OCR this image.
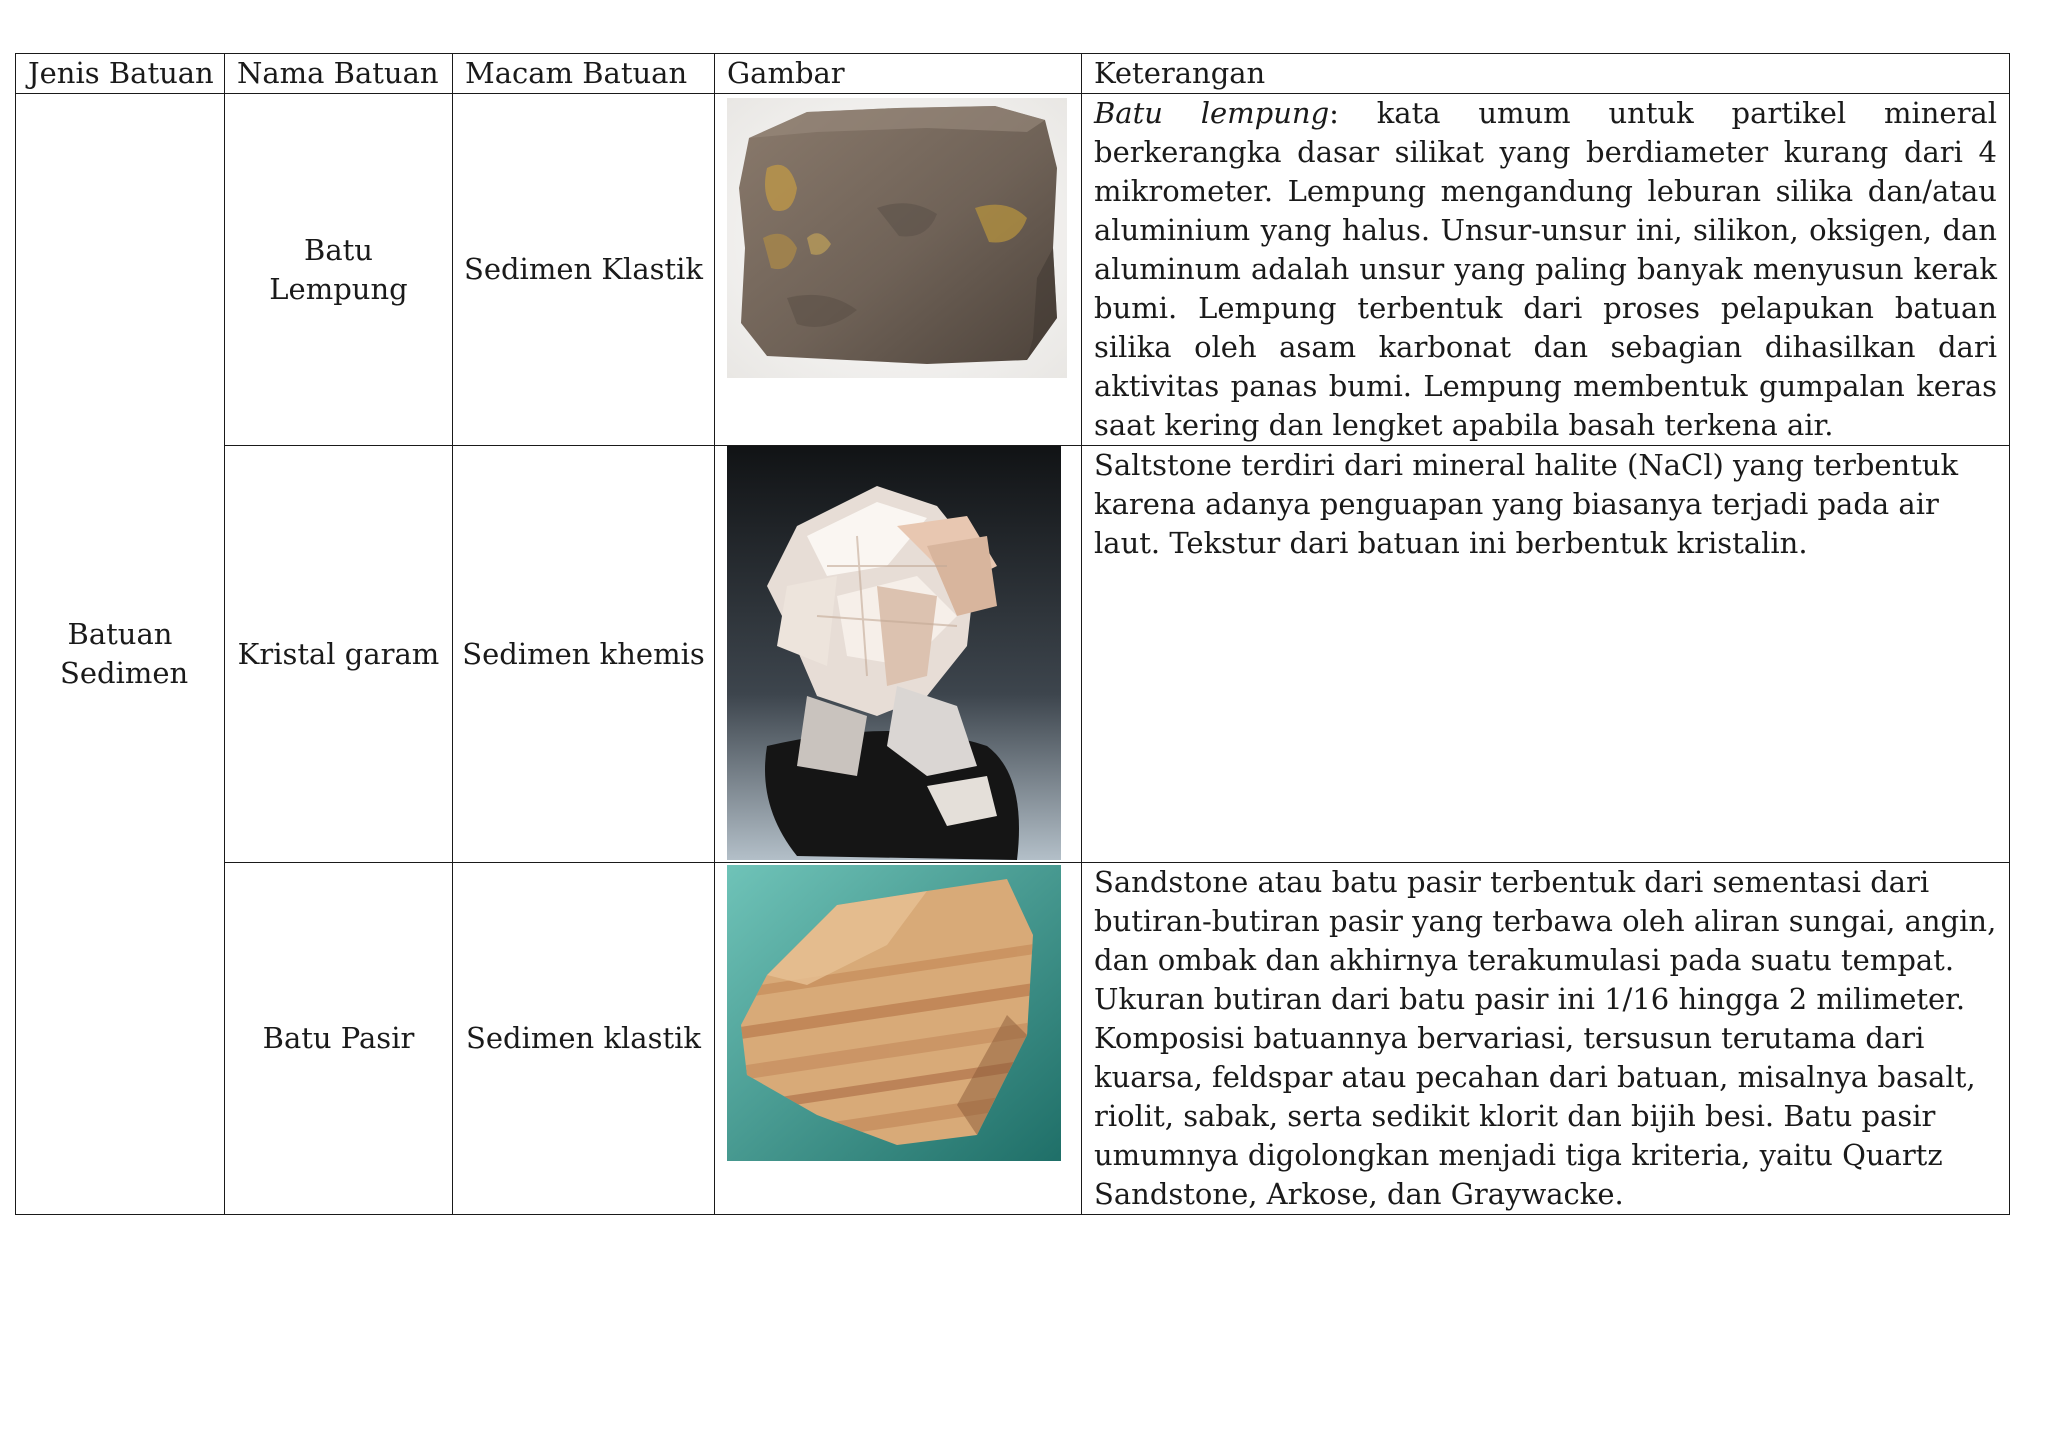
Jenis Batuan	Nama Batuan	Macam Batuan	Gambar	Keterangan

Batuan Sedimen	Batu Lempung	Sedimen Klastik		Batu lempung: kata umum untuk partikel mineral berkerangka dasar silikat yang berdiameter kurang dari 4 mikrometer. Lempung mengandung leburan silika dan/atau aluminium yang halus. Unsur-unsur ini, silikon, oksigen, dan aluminum adalah unsur yang paling banyak menyusun kerak bumi. Lempung terbentuk dari proses pelapukan batuan silika oleh asam karbonat dan sebagian dihasilkan dari aktivitas panas bumi. Lempung membentuk gumpalan keras saat kering dan lengket apabila basah terkena air.
	Kristal garam	Sedimen khemis		Saltstone terdiri dari mineral halite (NaCl) yang terbentuk karena adanya penguapan yang biasanya terjadi pada air laut. Tekstur dari batuan ini berbentuk kristalin.
	Batu Pasir	Sedimen klastik		Sandstone atau batu pasir terbentuk dari sementasi dari butiran-butiran pasir yang terbawa oleh aliran sungai, angin, dan ombak dan akhirnya terakumulasi pada suatu tempat. Ukuran butiran dari batu pasir ini 1/16 hingga 2 milimeter. Komposisi batuannya bervariasi, tersusun terutama dari kuarsa, feldspar atau pecahan dari batuan, misalnya basalt, riolit, sabak, serta sedikit klorit dan bijih besi. Batu pasir umumnya digolongkan menjadi tiga kriteria, yaitu Quartz Sandstone, Arkose, dan Graywacke.
